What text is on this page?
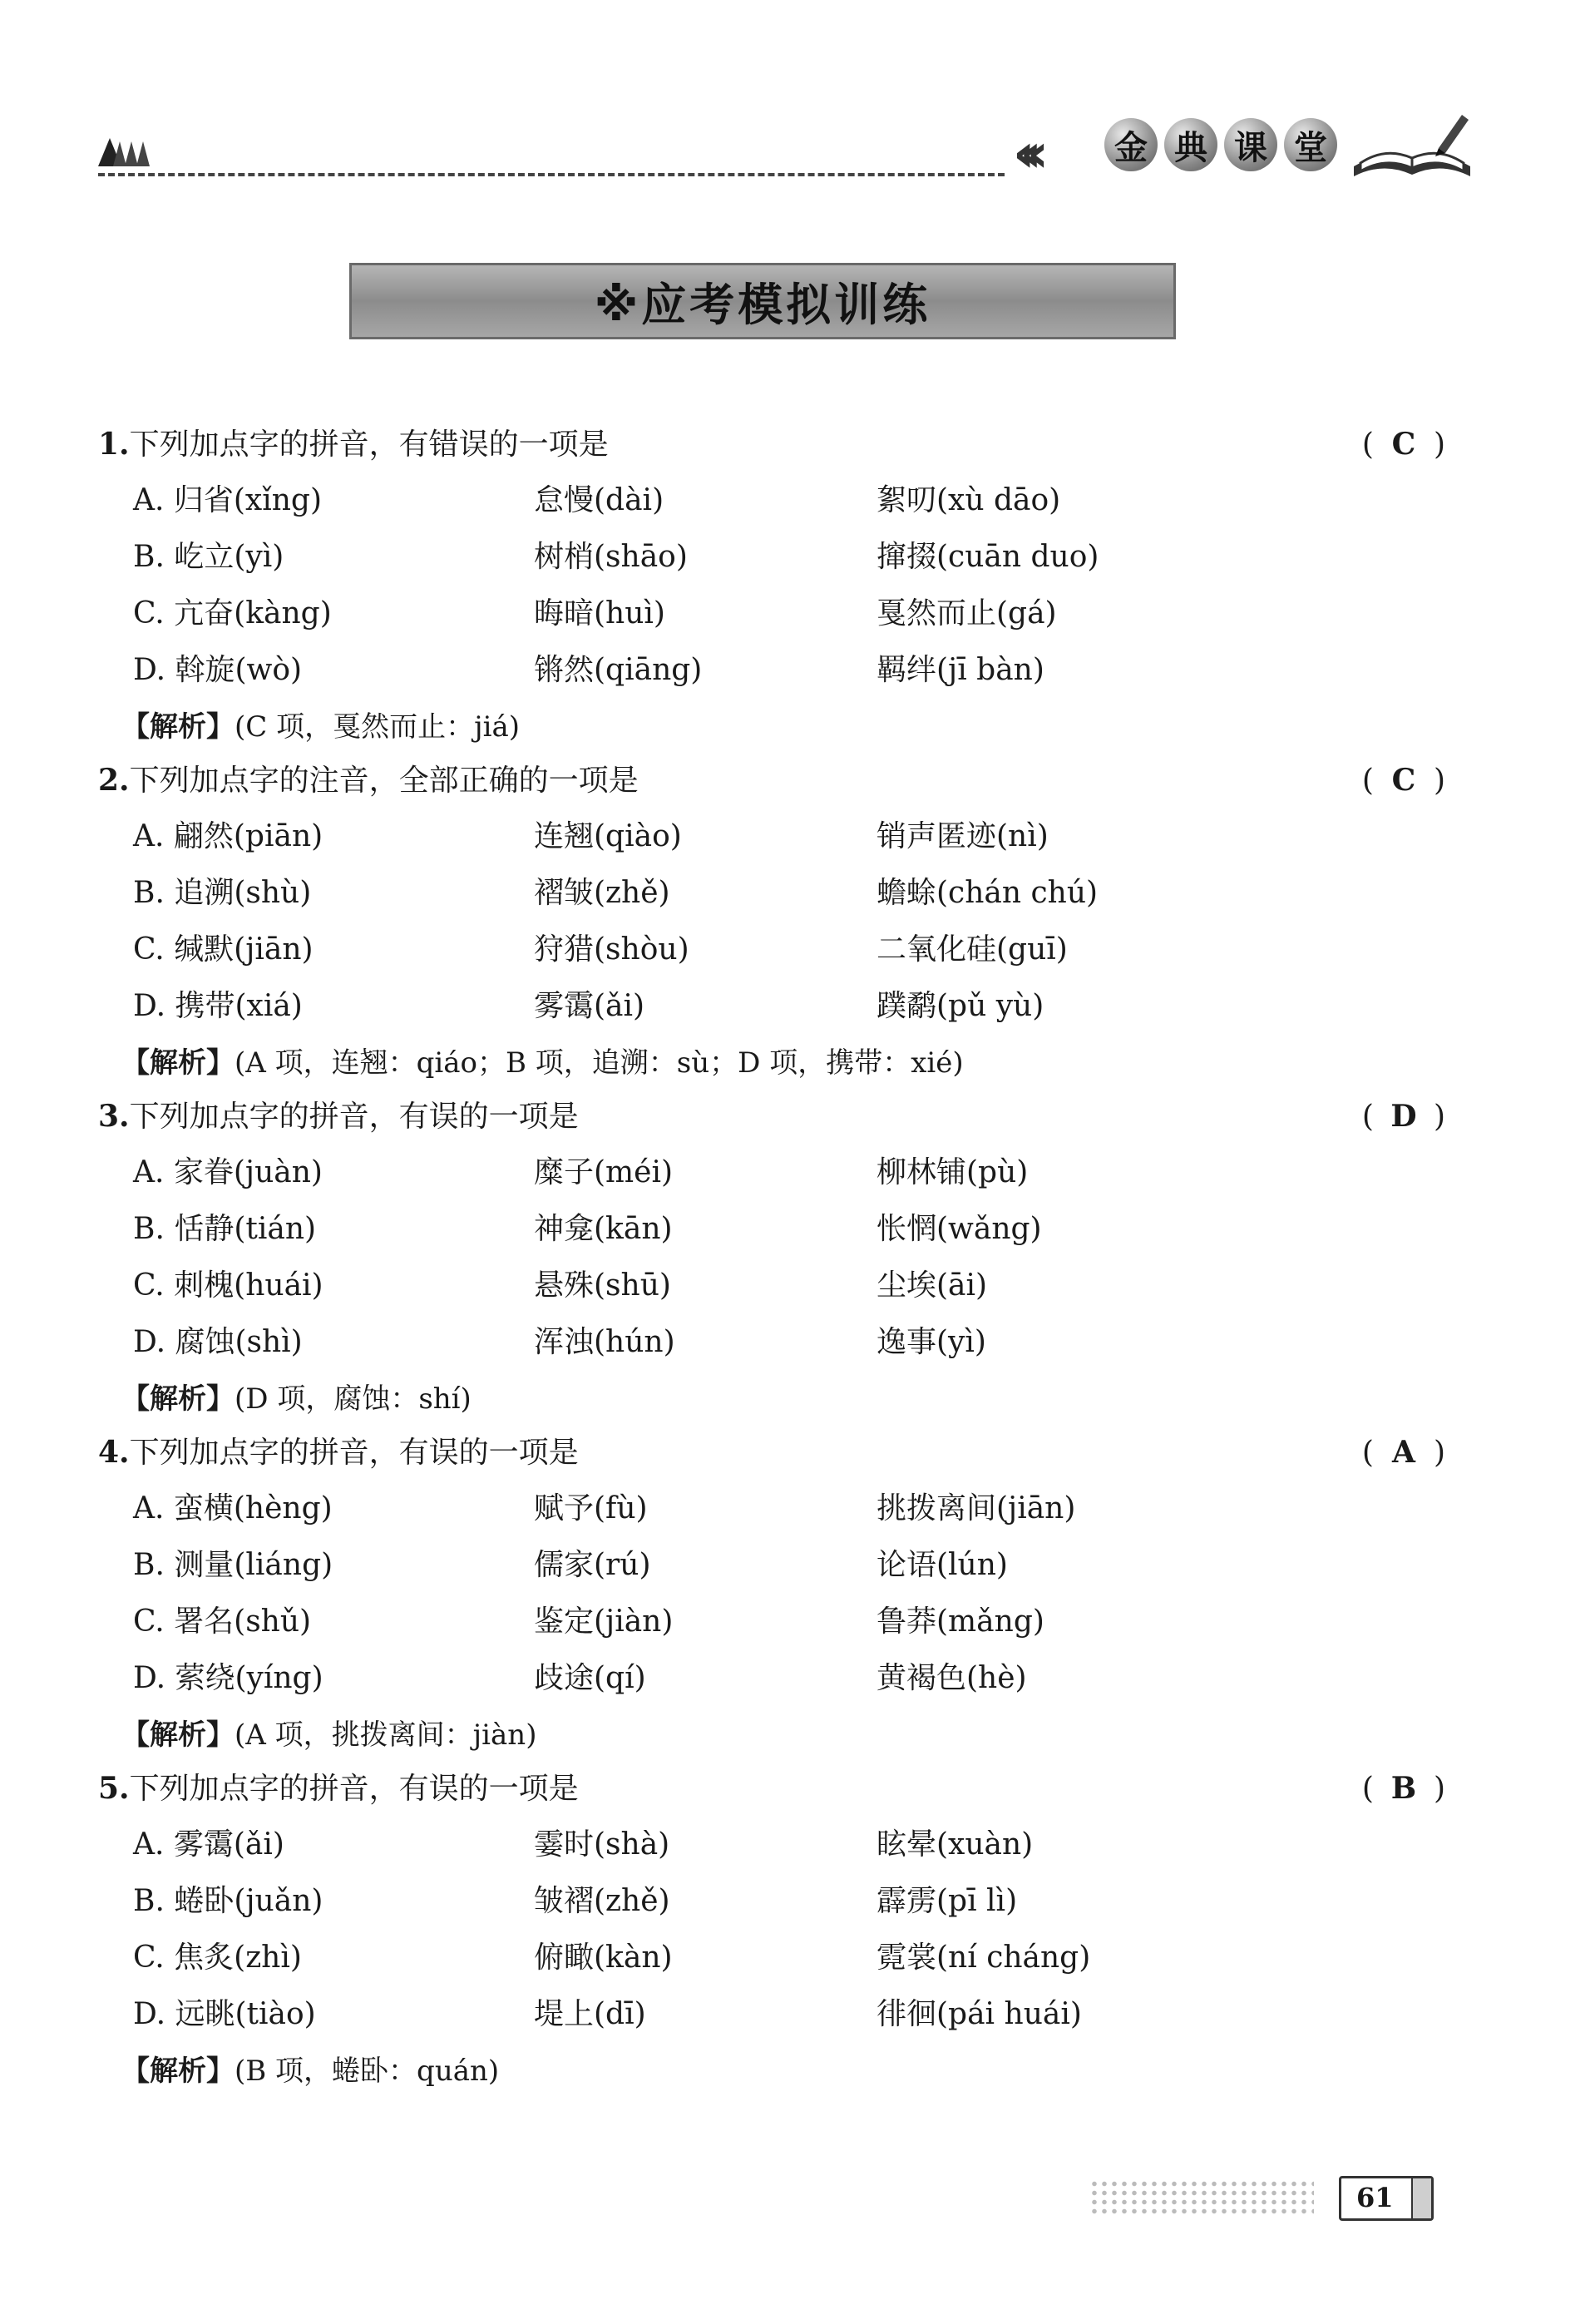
‹‹‹	金 典 课 堂
※应考模拟训练
1.下列加点字的拼音，有错误的一项是	( C )
A. 归省(xǐng)	怠慢(dài)	絮叨(xù dāo)
B. 屹立(yì)	树梢(shāo)	撺掇(cuān duo)
C. 亢奋(kàng)	晦暗(huì)	戛然而止(gá)
D. 斡旋(wò)	锵然(qiāng)	羁绊(jī bàn)
【解析】(C 项，戛然而止：jiá)
2.下列加点字的注音，全部正确的一项是	( C )
A. 翩然(piān)	连翘(qiào)	销声匿迹(nì)
B. 追溯(shù)	褶皱(zhě)	蟾蜍(chán chú)
C. 缄默(jiān)	狩猎(shòu)	二氧化硅(guī)
D. 携带(xiá)	雾霭(ǎi)	蹼鹬(pǔ yù)
【解析】(A 项，连翘：qiáo；B 项，追溯：sù；D 项，携带：xié)
3.下列加点字的拼音，有误的一项是	( D )
A. 家眷(juàn)	糜子(méi)	柳林铺(pù)
B. 恬静(tián)	神龛(kān)	怅惘(wǎng)
C. 刺槐(huái)	悬殊(shū)	尘埃(āi)
D. 腐蚀(shì)	浑浊(hún)	逸事(yì)
【解析】(D 项，腐蚀：shí)
4.下列加点字的拼音，有误的一项是	( A )
A. 蛮横(hèng)	赋予(fù)	挑拨离间(jiān)
B. 测量(liáng)	儒家(rú)	论语(lún)
C. 署名(shǔ)	鉴定(jiàn)	鲁莽(mǎng)
D. 萦绕(yíng)	歧途(qí)	黄褐色(hè)
【解析】(A 项，挑拨离间：jiàn)
5.下列加点字的拼音，有误的一项是	( B )
A. 雾霭(ǎi)	霎时(shà)	眩晕(xuàn)
B. 蜷卧(juǎn)	皱褶(zhě)	霹雳(pī lì)
C. 焦炙(zhì)	俯瞰(kàn)	霓裳(ní cháng)
D. 远眺(tiào)	堤上(dī)	徘徊(pái huái)
【解析】(B 项，蜷卧：quán)
61
